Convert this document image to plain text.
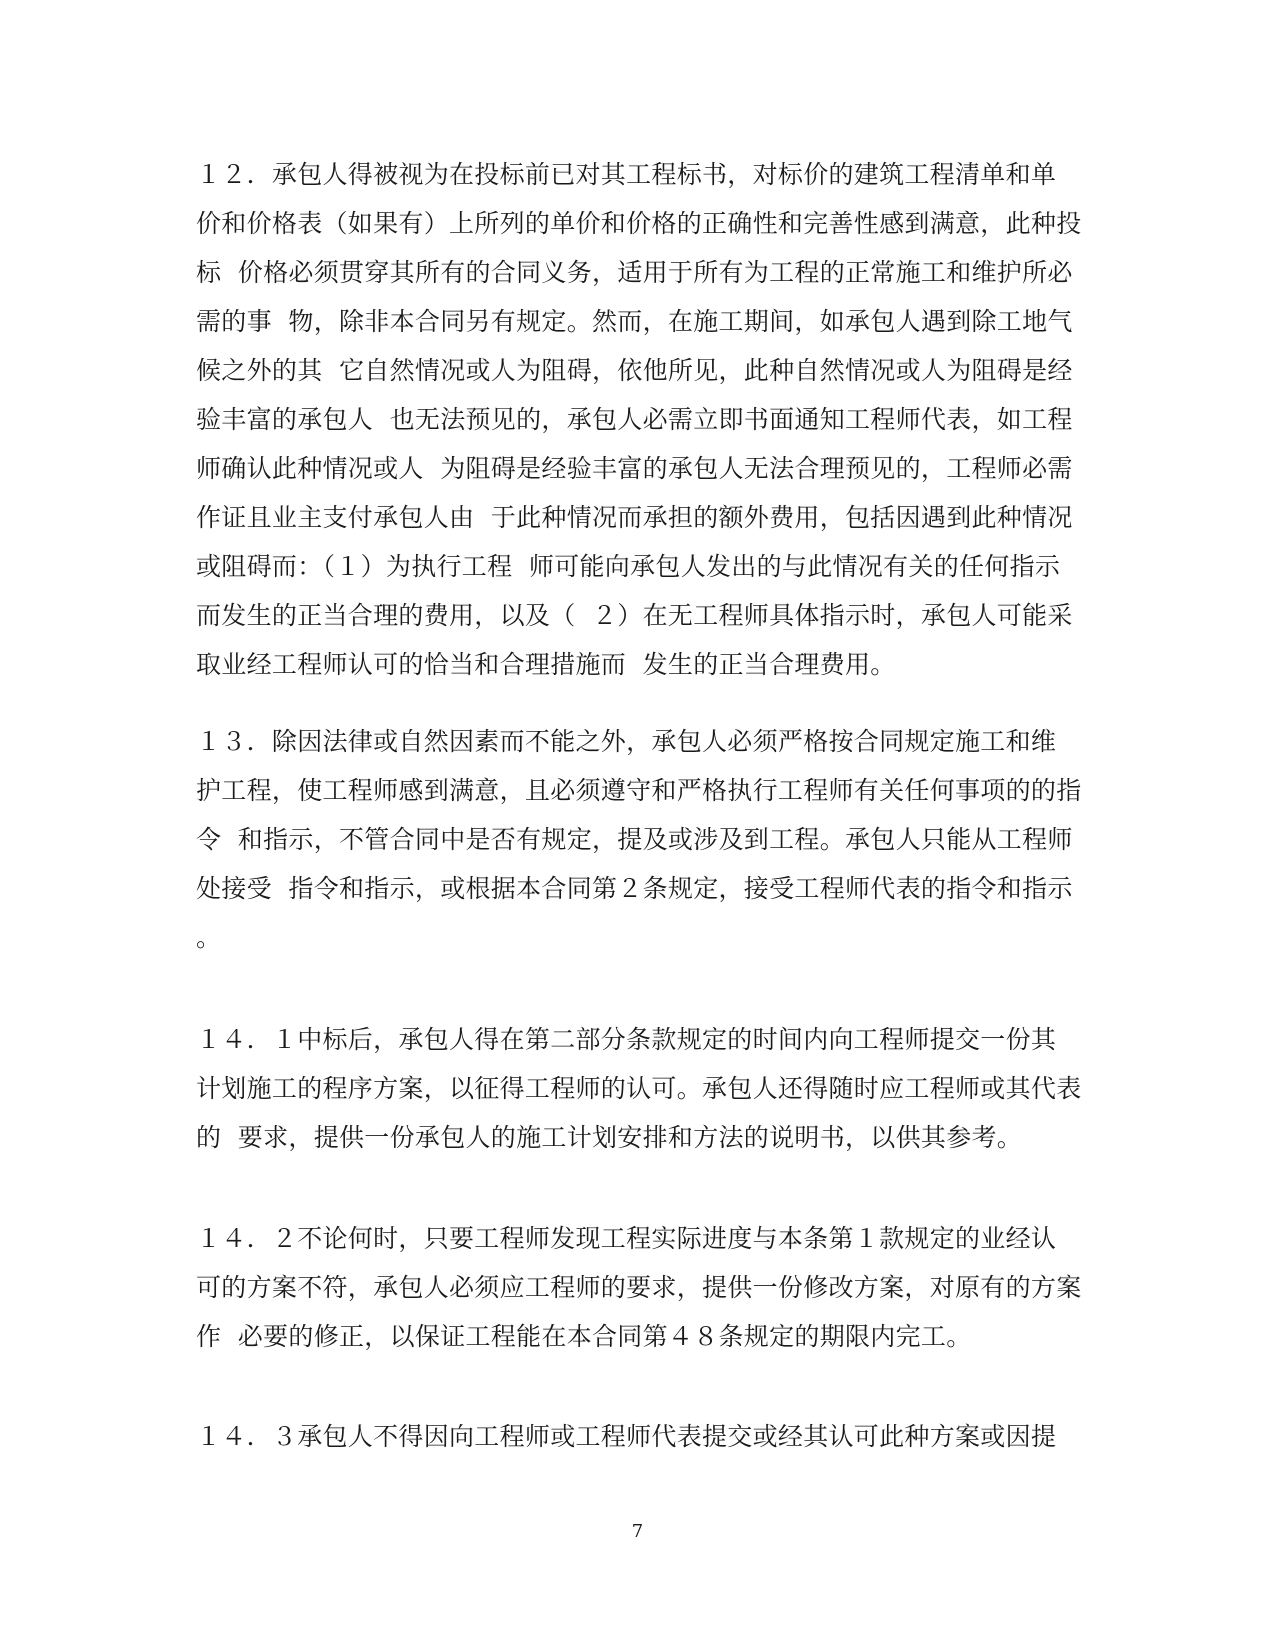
１２．承包人得被视为在投标前已对其工程标书，对标价的建筑工程清单和单
价和价格表（如果有）上所列的单价和价格的正确性和完善性感到满意，此种投
标  价格必须贯穿其所有的合同义务，适用于所有为工程的正常施工和维护所必
需的事  物，除非本合同另有规定。然而，在施工期间，如承包人遇到除工地气
候之外的其  它自然情况或人为阻碍，依他所见，此种自然情况或人为阻碍是经
验丰富的承包人  也无法预见的，承包人必需立即书面通知工程师代表，如工程
师确认此种情况或人  为阻碍是经验丰富的承包人无法合理预见的，工程师必需
作证且业主支付承包人由  于此种情况而承担的额外费用，包括因遇到此种情况
或阻碍而：（１）为执行工程  师可能向承包人发出的与此情况有关的任何指示
而发生的正当合理的费用，以及（  ２）在无工程师具体指示时，承包人可能采
取业经工程师认可的恰当和合理措施而  发生的正当合理费用。
１３．除因法律或自然因素而不能之外，承包人必须严格按合同规定施工和维
护工程，使工程师感到满意，且必须遵守和严格执行工程师有关任何事项的的指
令  和指示，不管合同中是否有规定，提及或涉及到工程。承包人只能从工程师
处接受  指令和指示，或根据本合同第２条规定，接受工程师代表的指令和指示
。
１４．１中标后，承包人得在第二部分条款规定的时间内向工程师提交一份其
计划施工的程序方案，以征得工程师的认可。承包人还得随时应工程师或其代表
的  要求，提供一份承包人的施工计划安排和方法的说明书，以供其参考。
１４．２不论何时，只要工程师发现工程实际进度与本条第１款规定的业经认
可的方案不符，承包人必须应工程师的要求，提供一份修改方案，对原有的方案
作  必要的修正，以保证工程能在本合同第４８条规定的期限内完工。
１４．３承包人不得因向工程师或工程师代表提交或经其认可此种方案或因提
7
